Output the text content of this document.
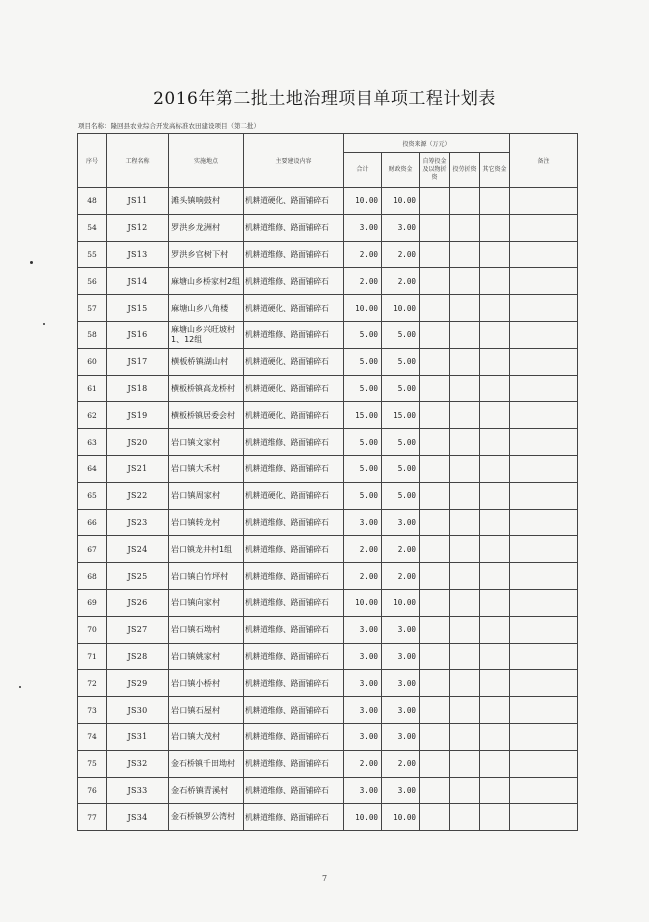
2016年第二批土地治理项目单项工程计划表
项目名称：隆回县农业综合开发高标准农田建设项目（第二批）
序号	工程名称	实施地点	主要建设内容	投资来源（万元）					备注
				合计	财政资金	自筹投金及以物折资	投劳折资	其它资金	
48	JS11	滩头镇响鼓村	机耕道硬化、路面铺碎石	10.00	10.00				
54	JS12	罗洪乡龙洲村	机耕道维修、路面铺碎石	3.00	3.00				
55	JS13	罗洪乡官树下村	机耕道维修、路面铺碎石	2.00	2.00				
56	JS14	麻塘山乡桥家村2组	机耕道维修、路面铺碎石	2.00	2.00				
57	JS15	麻塘山乡八角楼	机耕道硬化、路面铺碎石	10.00	10.00				
58	JS16	麻塘山乡兴旺坡村1、12组	机耕道维修、路面铺碎石	5.00	5.00				
60	JS17	横板桥镇湖山村	机耕道硬化、路面铺碎石	5.00	5.00				
61	JS18	横板桥镇高龙桥村	机耕道硬化、路面铺碎石	5.00	5.00				
62	JS19	横板桥镇居委会村	机耕道硬化、路面铺碎石	15.00	15.00				
63	JS20	岩口镇文家村	机耕道维修、路面铺碎石	5.00	5.00				
64	JS21	岩口镇大禾村	机耕道维修、路面铺碎石	5.00	5.00				
65	JS22	岩口镇周家村	机耕道硬化、路面铺碎石	5.00	5.00				
66	JS23	岩口镇转龙村	机耕道维修、路面铺碎石	3.00	3.00				
67	JS24	岩口镇龙井村1组	机耕道维修、路面铺碎石	2.00	2.00				
68	JS25	岩口镇白竹坪村	机耕道维修、路面铺碎石	2.00	2.00				
69	JS26	岩口镇向家村	机耕道维修、路面铺碎石	10.00	10.00				
70	JS27	岩口镇石坳村	机耕道维修、路面铺碎石	3.00	3.00				
71	JS28	岩口镇姚家村	机耕道维修、路面铺碎石	3.00	3.00				
72	JS29	岩口镇小桥村	机耕道维修、路面铺碎石	3.00	3.00				
73	JS30	岩口镇石屋村	机耕道维修、路面铺碎石	3.00	3.00				
74	JS31	岩口镇大茂村	机耕道维修、路面铺碎石	3.00	3.00				
75	JS32	金石桥镇千田坳村	机耕道维修、路面铺碎石	2.00	2.00				
76	JS33	金石桥镇青溪村	机耕道维修、路面铺碎石	3.00	3.00				
77	JS34	金石桥镇罗公湾村	机耕道维修、路面铺碎石	10.00	10.00				
7
